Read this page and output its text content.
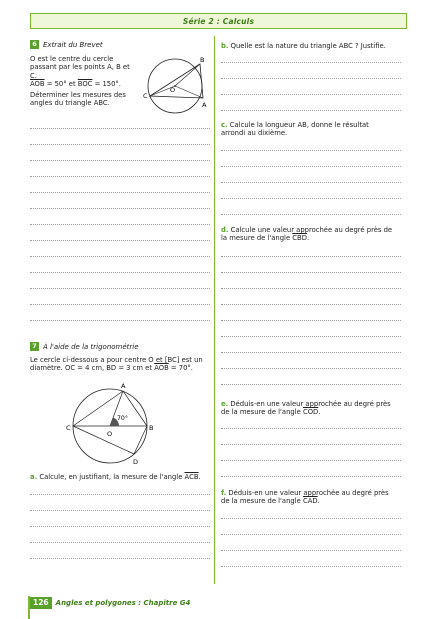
Série 2 : Calculs
6 Extrait du Brevet
O est le centre du cercle
passant par les points A, B et
C.
$\overline{AOB} = 50^\circ$ et $\overline{BOC} = 150^\circ$.
Déterminer les mesures des
angles du triangle ABC.
B
O
C
A
7 À l'aide de la trigonométrie
Le cercle ci-dessous a pour centre O et [BC] est un
diamètre. OC = 4 cm, BD = 3 cm et $\overline{AOB} = 70^\circ$.
70°
A
B
C
D
O
a. Calcule, en justifiant, la mesure de l'angle $\overline{ACB}$.
b. Quelle est la nature du triangle ABC ? Justifie.
c. Calcule la longueur AB, donne le résultat
arrondi au dixième.
d. Calcule une valeur approchée au degré près de
la mesure de l'angle $\overline{CBD}$.
e. Déduis-en une valeur approchée au degré près
de la mesure de l'angle $\overline{COD}$.
f. Déduis-en une valeur approchée au degré près
de la mesure de l'angle $\overline{CAD}$.
126	Angles et polygones : Chapitre G4
